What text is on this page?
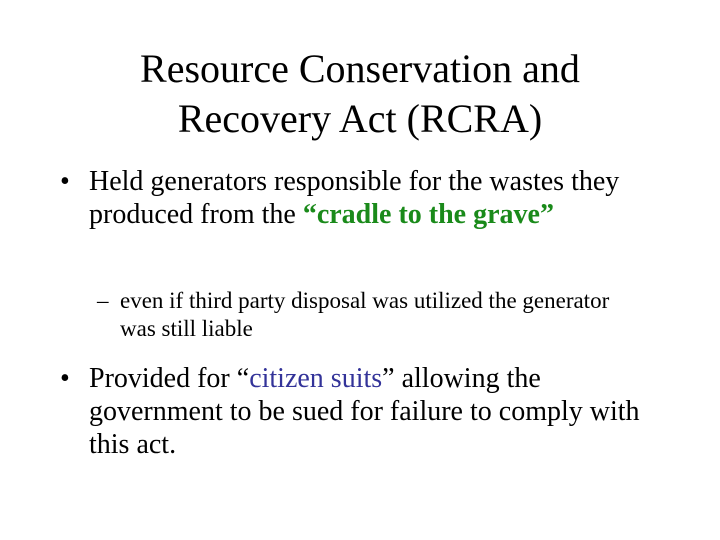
Resource Conservation and
Recovery Act (RCRA)
• Held generators responsible for the wastes they produced from the “cradle to the grave”
– even if third party disposal was utilized the generator was still liable
• Provided for “citizen suits” allowing the government to be sued for failure to comply with this act.
